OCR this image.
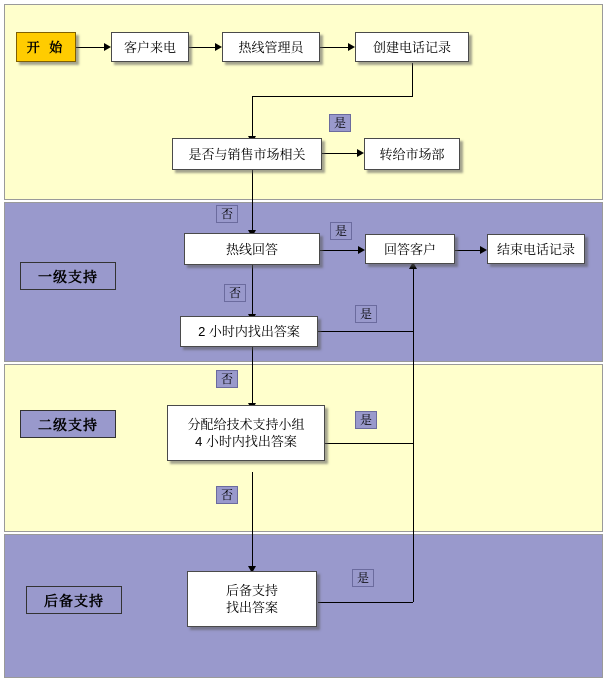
一级支持
二级支持
后备支持
是
否
是
否
是
否
是
否
是
开 始	客户来电	热线管理员	创建电话记录
是否与销售市场相关	转给市场部
热线回答	回答客户	结束电话记录
2 小时内找出答案
分配给技术支持小组
4 小时内找出答案
后备支持
找出答案
